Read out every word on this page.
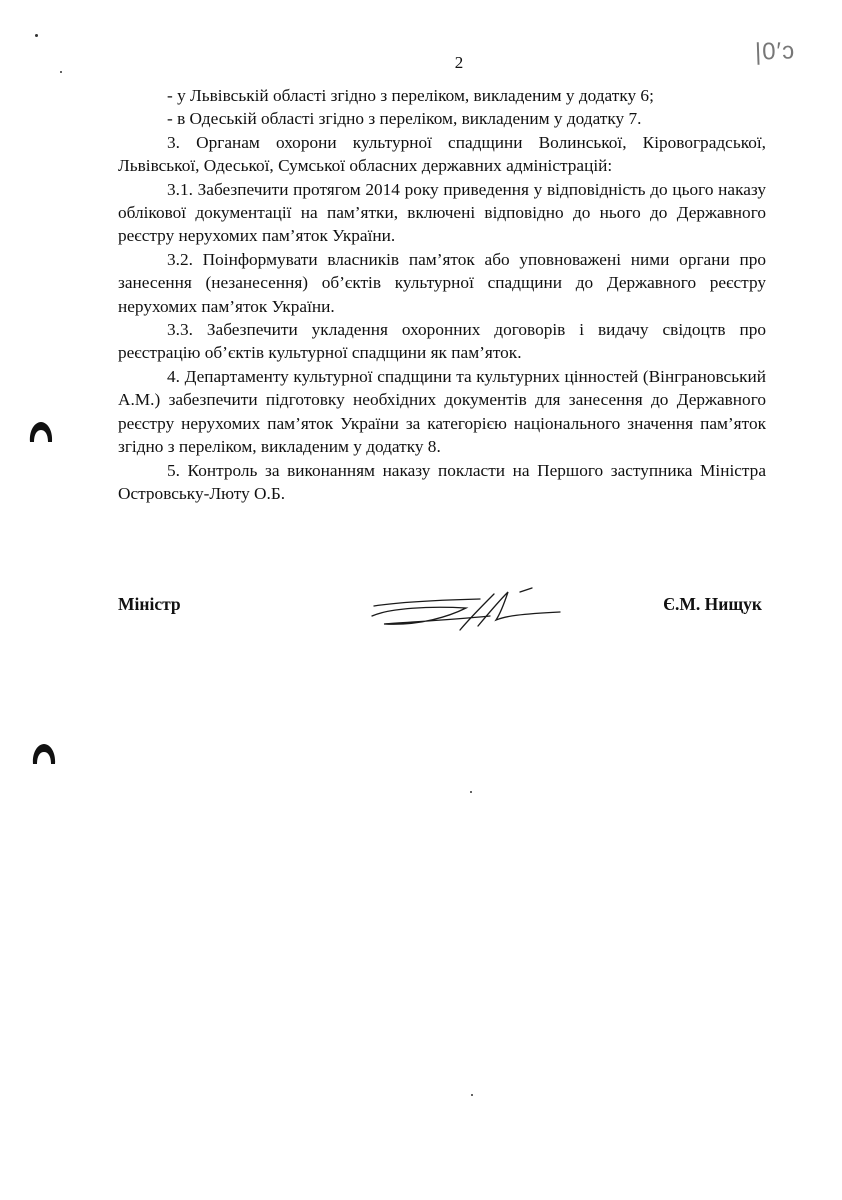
2	|0′ɔ

- у Львівській області згідно з переліком, викладеним у додатку 6;

- в Одеській області згідно з переліком, викладеним у додатку 7.

3. Органам охорони культурної спадщини Волинської, Кіровоградської, Львівської, Одеської, Сумської обласних державних адміністрацій:

3.1. Забезпечити протягом 2014 року приведення у відповідність до цього наказу облікової документації на пам’ятки, включені відповідно до нього до Державного реєстру нерухомих пам’яток України.

3.2. Поінформувати власників пам’яток або уповноважені ними органи про занесення (незанесення) об’єктів культурної спадщини до Державного реєстру нерухомих пам’яток України.

3.3. Забезпечити укладення охоронних договорів і видачу свідоцтв про реєстрацію об’єктів культурної спадщини як пам’яток.

4. Департаменту культурної спадщини та культурних цінностей (Вінграновський А.М.) забезпечити підготовку необхідних документів для занесення до Державного реєстру нерухомих пам’яток України за категорією національного значення пам’яток згідно з переліком, викладеним у додатку 8.

5. Контроль за виконанням наказу покласти на Першого заступника Міністра Островську-Люту О.Б.

Міністр	Є.М. Нищук
